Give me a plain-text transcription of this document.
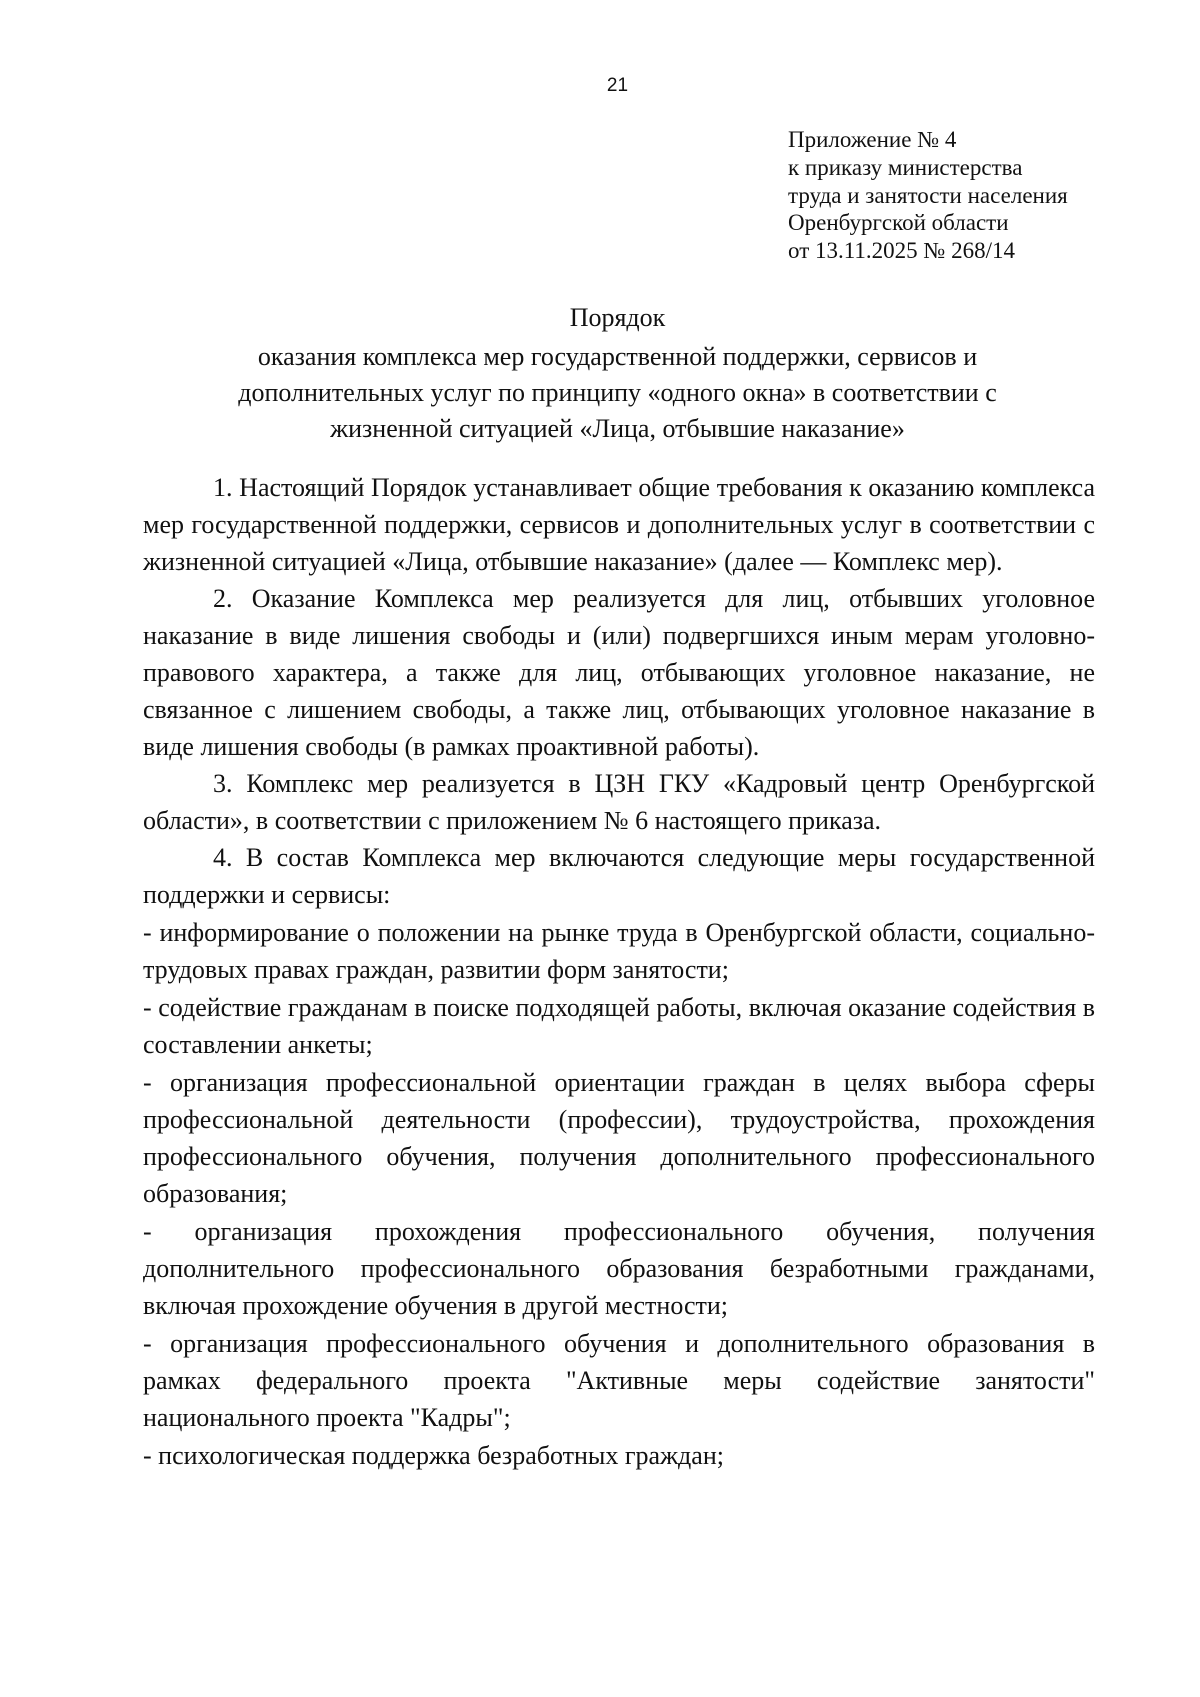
21
Приложение № 4
к приказу министерства
труда и занятости населения
Оренбургской области
от 13.11.2025 № 268/14
Порядок
оказания комплекса мер государственной поддержки, сервисов и
дополнительных услуг по принципу «одного окна» в соответствии с
жизненной ситуацией «Лица, отбывшие наказание»

1. Настоящий Порядок устанавливает общие требования к оказанию комплекса мер государственной поддержки, сервисов и дополнительных услуг в соответствии с жизненной ситуацией «Лица, отбывшие наказание» (далее — Комплекс мер).

2. Оказание Комплекса мер реализуется для лиц, отбывших уголовное наказание в виде лишения свободы и (или) подвергшихся иным мерам уголовно-правового характера, а также для лиц, отбывающих уголовное наказание, не связанное с лишением свободы, а также лиц, отбывающих уголовное наказание в виде лишения свободы (в рамках проактивной работы).

3. Комплекс мер реализуется в ЦЗН ГКУ «Кадровый центр Оренбургской области», в соответствии с приложением № 6 настоящего приказа.

4. В состав Комплекса мер включаются следующие меры государственной поддержки и сервисы:

- информирование о положении на рынке труда в Оренбургской области, социально-трудовых правах граждан, развитии форм занятости;

- содействие гражданам в поиске подходящей работы, включая оказание содействия в составлении анкеты;

- организация профессиональной ориентации граждан в целях выбора сферы профессиональной деятельности (профессии), трудоустройства, прохождения профессионального обучения, получения дополнительного профессионального образования;

- организация прохождения профессионального обучения, получения дополнительного профессионального образования безработными гражданами, включая прохождение обучения в другой местности;

- организация профессионального обучения и дополнительного образования в рамках федерального проекта "Активные меры содействие занятости" национального проекта "Кадры";

- психологическая поддержка безработных граждан;
